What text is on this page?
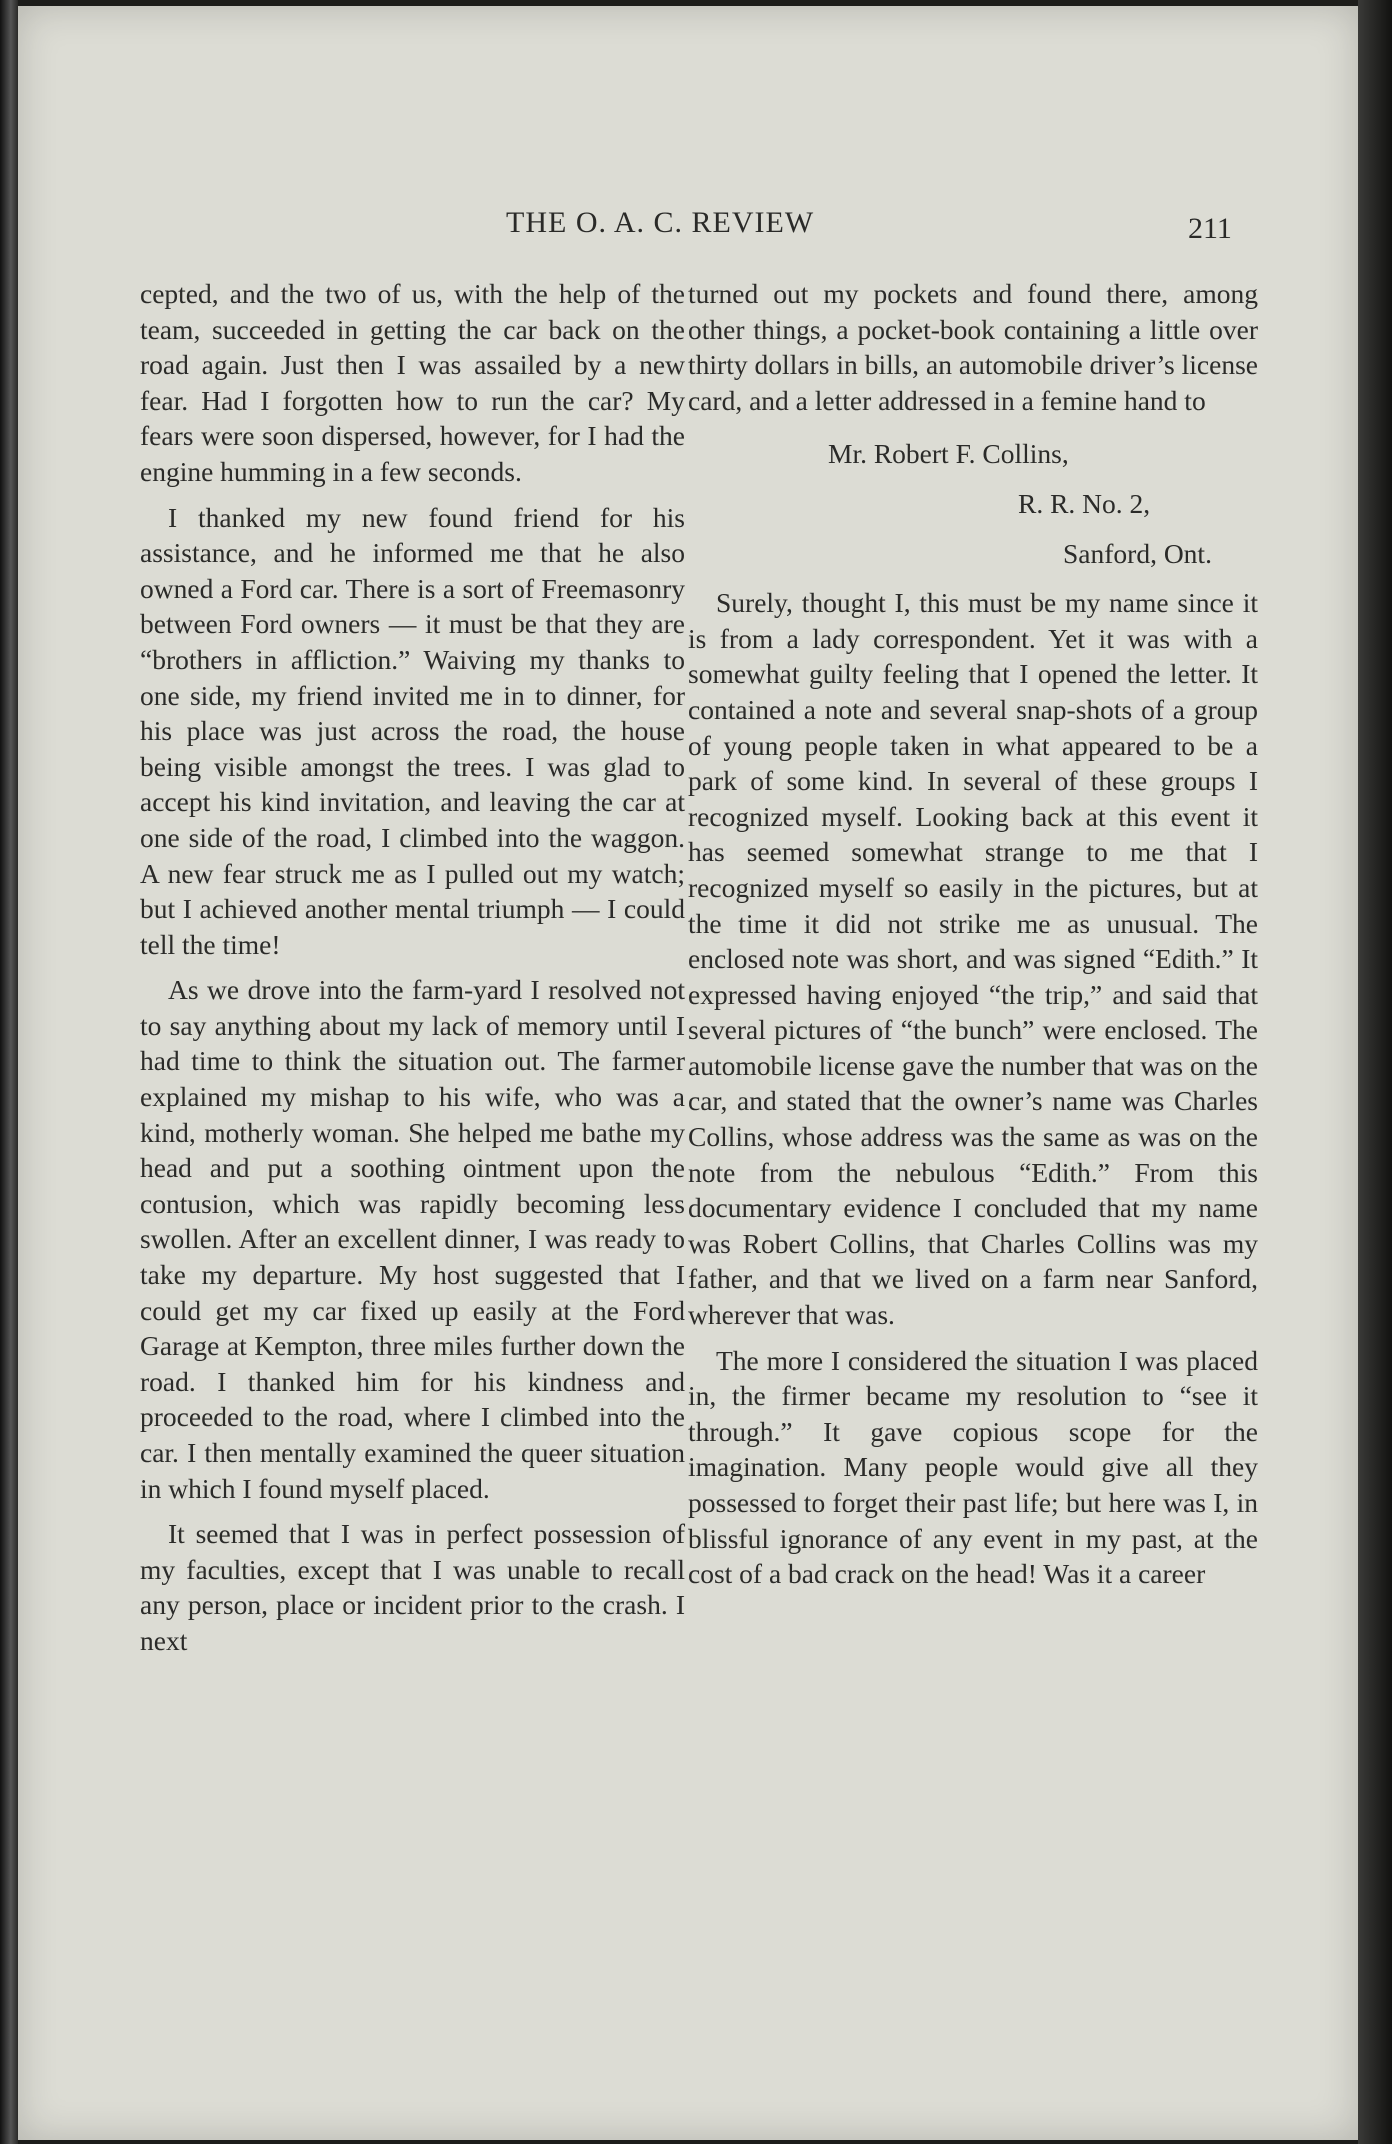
THE O. A. C. REVIEW	211

cepted, and the two of us, with the help of the team, succeeded in getting the car back on the road again. Just then I was assailed by a new fear. Had I forgotten how to run the car? My fears were soon dispersed, however, for I had the engine humming in a few seconds.

I thanked my new found friend for his assistance, and he informed me that he also owned a Ford car. There is a sort of Freemasonry between Ford owners — it must be that they are “brothers in affliction.” Waiving my thanks to one side, my friend invited me in to dinner, for his place was just across the road, the house being visible amongst the trees. I was glad to accept his kind invitation, and leaving the car at one side of the road, I climbed into the waggon. A new fear struck me as I pulled out my watch; but I achieved another mental triumph — I could tell the time!

As we drove into the farm-yard I resolved not to say anything about my lack of memory until I had time to think the situation out. The farmer explained my mishap to his wife, who was a kind, motherly woman. She helped me bathe my head and put a soothing ointment upon the contusion, which was rapidly becoming less swollen. After an excellent dinner, I was ready to take my departure. My host suggested that I could get my car fixed up easily at the Ford Garage at Kempton, three miles further down the road. I thanked him for his kindness and proceeded to the road, where I climbed into the car. I then mentally examined the queer situation in which I found myself placed.

It seemed that I was in perfect possession of my faculties, except that I was unable to recall any person, place or incident prior to the crash. I next

turned out my pockets and found there, among other things, a pocket-book containing a little over thirty dollars in bills, an automobile driver’s license card, and a letter addressed in a femine hand to

Mr. Robert F. Collins,
R. R. No. 2,
Sanford, Ont.

Surely, thought I, this must be my name since it is from a lady correspondent. Yet it was with a somewhat guilty feeling that I opened the letter. It contained a note and several snap-shots of a group of young people taken in what appeared to be a park of some kind. In several of these groups I recognized myself. Looking back at this event it has seemed somewhat strange to me that I recognized myself so easily in the pictures, but at the time it did not strike me as unusual. The enclosed note was short, and was signed “Edith.” It expressed having enjoyed “the trip,” and said that several pictures of “the bunch” were enclosed. The automobile license gave the number that was on the car, and stated that the owner’s name was Charles Collins, whose address was the same as was on the note from the nebulous “Edith.” From this documentary evidence I concluded that my name was Robert Collins, that Charles Collins was my father, and that we lived on a farm near Sanford, wherever that was.

The more I considered the situation I was placed in, the firmer became my resolution to “see it through.” It gave copious scope for the imagination. Many people would give all they possessed to forget their past life; but here was I, in blissful ignorance of any event in my past, at the cost of a bad crack on the head! Was it a career
